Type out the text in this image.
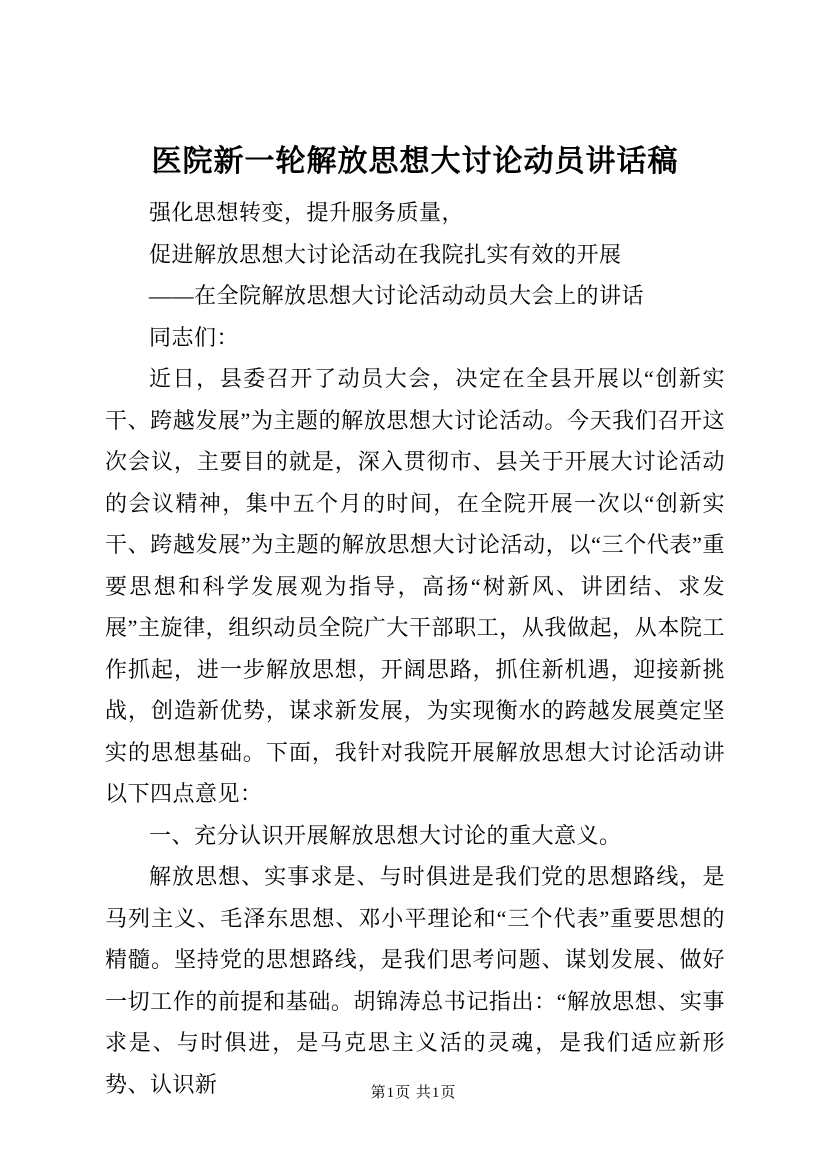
医院新一轮解放思想大讨论动员讲话稿

强化思想转变，提升服务质量，

促进解放思想大讨论活动在我院扎实有效的开展

——在全院解放思想大讨论活动动员大会上的讲话

同志们：

近日，县委召开了动员大会，决定在全县开展以“创新实干、跨越发展”为主题的解放思想大讨论活动。今天我们召开这次会议，主要目的就是，深入贯彻市、县关于开展大讨论活动的会议精神，集中五个月的时间，在全院开展一次以“创新实干、跨越发展”为主题的解放思想大讨论活动，以“三个代表”重要思想和科学发展观为指导，高扬“树新风、讲团结、求发展”主旋律，组织动员全院广大干部职工，从我做起，从本院工作抓起，进一步解放思想，开阔思路，抓住新机遇，迎接新挑战，创造新优势，谋求新发展，为实现衡水的跨越发展奠定坚实的思想基础。下面，我针对我院开展解放思想大讨论活动讲以下四点意见：

一、充分认识开展解放思想大讨论的重大意义。

解放思想、实事求是、与时俱进是我们党的思想路线，是马列主义、毛泽东思想、邓小平理论和“三个代表”重要思想的精髓。坚持党的思想路线，是我们思考问题、谋划发展、做好一切工作的前提和基础。胡锦涛总书记指出：“解放思想、实事求是、与时俱进，是马克思主义活的灵魂，是我们适应新形势、认识新	第1页 共1页
